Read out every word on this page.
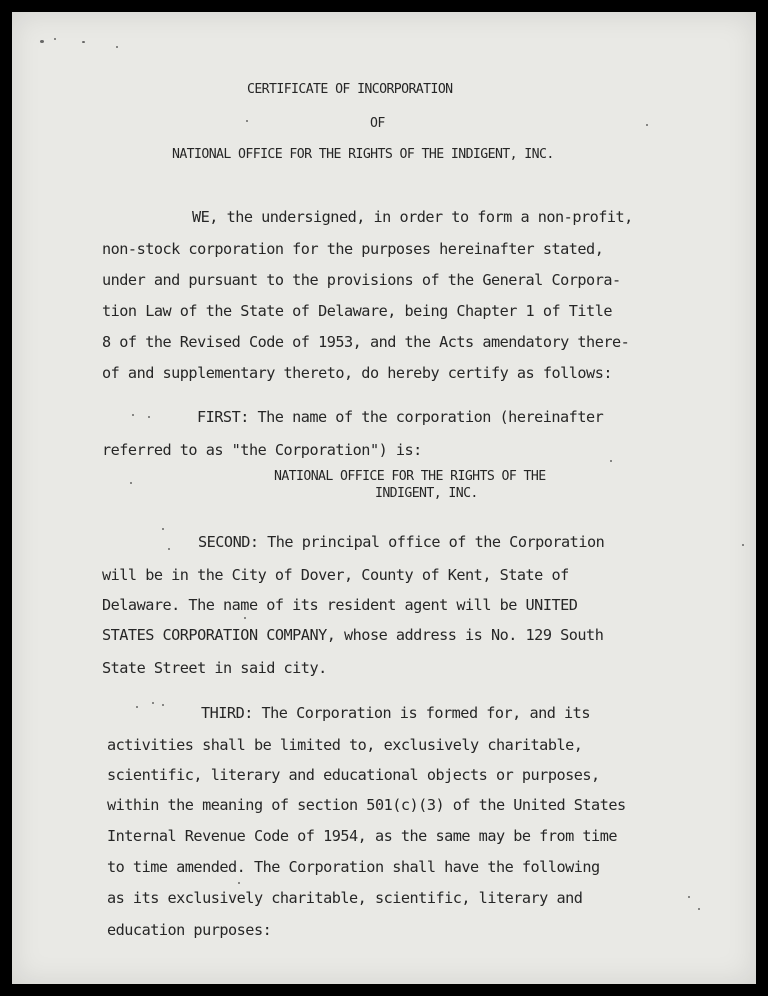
CERTIFICATE OF INCORPORATION

OF

NATIONAL OFFICE FOR THE RIGHTS OF THE INDIGENT, INC.

WE, the undersigned, in order to form a non-profit,

non-stock corporation for the purposes hereinafter stated,

under and pursuant to the provisions of the General Corpora-

tion Law of the State of Delaware, being Chapter 1 of Title

8 of the Revised Code of 1953, and the Acts amendatory there-

of and supplementary thereto, do hereby certify as follows:

FIRST: The name of the corporation (hereinafter

referred to as "the Corporation") is:

NATIONAL OFFICE FOR THE RIGHTS OF THE

INDIGENT, INC.

SECOND: The principal office of the Corporation

will be in the City of Dover, County of Kent, State of

Delaware. The name of its resident agent will be UNITED

STATES CORPORATION COMPANY, whose address is No. 129 South

State Street in said city.

THIRD: The Corporation is formed for, and its

activities shall be limited to, exclusively charitable,

scientific, literary and educational objects or purposes,

within the meaning of section 501(c)(3) of the United States

Internal Revenue Code of 1954, as the same may be from time

to time amended. The Corporation shall have the following

as its exclusively charitable, scientific, literary and

education purposes:
